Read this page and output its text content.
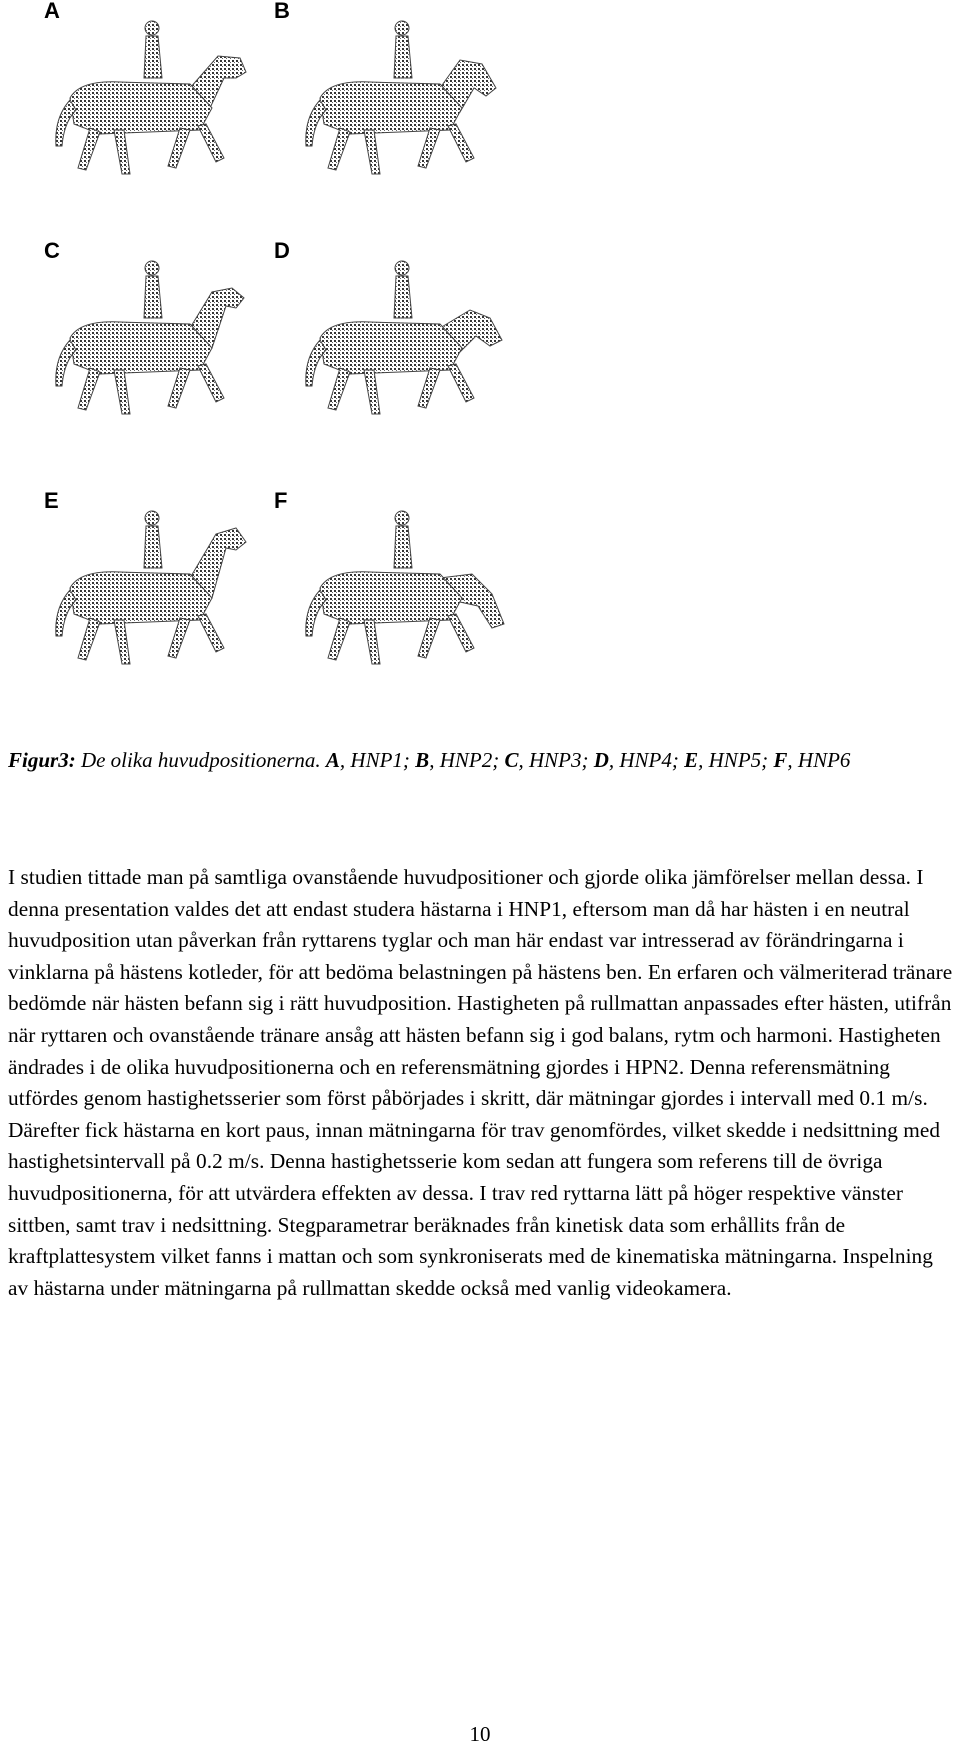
A	B
C	D
E	F
Figur3: De olika huvudpositionerna. A, HNP1; B, HNP2; C, HNP3; D, HNP4; E, HNP5; F, HNP6

I studien tittade man på samtliga ovanstående huvudpositioner och gjorde olika jämförelser mellan dessa. I denna presentation valdes det att endast studera hästarna i HNP1, eftersom man då har hästen i en neutral huvudposition utan påverkan från ryttarens tyglar och man här endast var intresserad av förändringarna i vinklarna på hästens kotleder, för att bedöma belastningen på hästens ben. En erfaren och välmeriterad tränare bedömde när hästen befann sig i rätt huvudposition. Hastigheten på rullmattan anpassades efter hästen, utifrån när ryttaren och ovanstående tränare ansåg att hästen befann sig i god balans, rytm och harmoni. Hastigheten ändrades i de olika huvudpositionerna och en referensmätning gjordes i HPN2. Denna referensmätning utfördes genom hastighetsserier som först påbörjades i skritt, där mätningar gjordes i intervall med 0.1 m/s. Därefter fick hästarna en kort paus, innan mätningarna för trav genomfördes, vilket skedde i nedsittning med hastighetsintervall på 0.2 m/s. Denna hastighetsserie kom sedan att fungera som referens till de övriga huvudpositionerna, för att utvärdera effekten av dessa. I trav red ryttarna lätt på höger respektive vänster sittben, samt trav i nedsittning. Stegparametrar beräknades från kinetisk data som erhållits från de kraftplattesystem vilket fanns i mattan och som synkroniserats med de kinematiska mätningarna. Inspelning av hästarna under mätningarna på rullmattan skedde också med vanlig videokamera.

10
